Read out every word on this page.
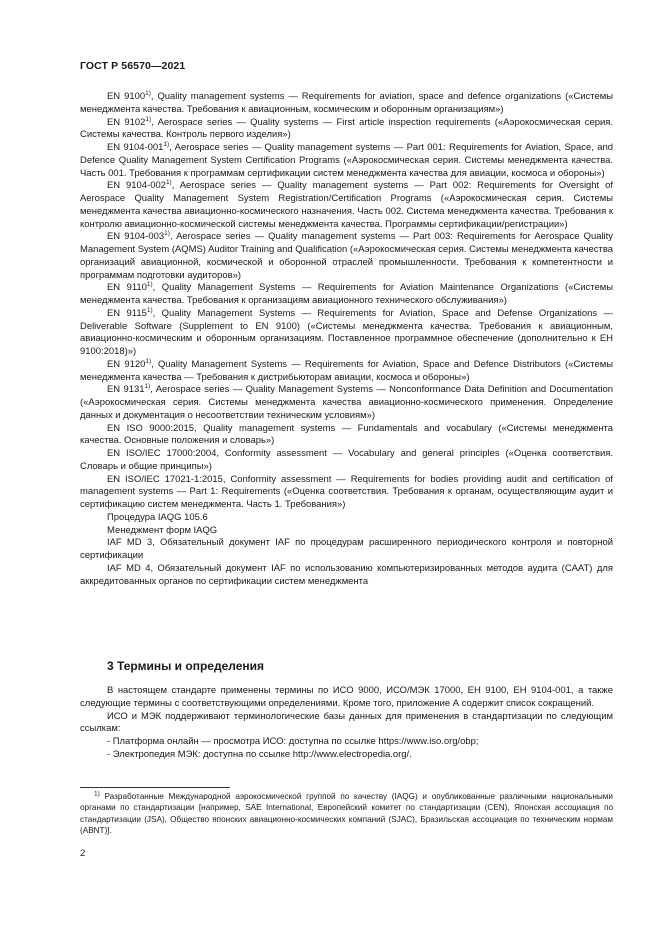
ГОСТ Р 56570—2021

EN 9100$^{1)}$, Quality management systems — Requirements for aviation, space and defence organizations («Системы менеджмента качества. Требования к авиационным, космическим и оборонным организациям»)

EN 9102$^{1)}$, Aerospace series — Quality systems — First article inspection requirements («Аэрокосмическая серия. Системы качества. Контроль первого изделия»)

EN 9104-001$^{1)}$, Aerospace series — Quality management systems — Part 001: Requirements for Aviation, Space, and Defence Quality Management System Certification Programs («Аэрокосмическая серия. Системы менеджмента качества. Часть 001. Требования к программам сертификации систем менеджмента качества для авиации, космоса и обороны»)

EN 9104-002$^{1)}$, Aerospace series — Quality management systems — Part 002: Requirements for Oversight of Aerospace Quality Management System Registration/Certification Programs («Аэрокосмическая серия. Системы менеджмента качества авиационно-космического назначения. Часть 002. Система менеджмента качества. Требования к контролю авиационно-космической системы менеджмента качества. Программы сертификации/регистрации»)

EN 9104-003$^{1)}$, Aerospace series — Quality management systems — Part 003: Requirements for Aerospace Quality Management System (AQMS) Auditor Training and Qualification («Аэрокосмическая серия. Системы менеджмента качества организаций авиационной, космической и оборонной отраслей промышленности. Требования к компетентности и программам подготовки аудиторов»)

EN 9110$^{1)}$, Quality Management Systems — Requirements for Aviation Maintenance Organizations («Системы менеджмента качества. Требования к организациям авиационного технического обслуживания»)

EN 9115$^{1)}$, Quality Management Systems — Requirements for Aviation, Space and Defense Organizations — Deliverable Software (Supplement to EN 9100) («Системы менеджмента качества. Требования к авиационным, авиационно-космическим и оборонным организациям. Поставленное программное обеспечение (дополнительно к ЕН 9100:2018)»)

EN 9120$^{1)}$, Quality Management Systems — Requirements for Aviation, Space and Defence Distributors («Системы менеджмента качества — Требования к дистрибьюторам авиации, космоса и обороны»)

EN 9131$^{1)}$, Aerospace series — Quality Management Systems — Nonconformance Data Definition and Documentation («Аэрокосмическая серия. Системы менеджмента качества авиационно-космического применения. Определение данных и документация о несоответствии техническим условиям»)

EN ISO 9000:2015, Quality management systems — Fundamentals and vocabulary («Системы менеджмента качества. Основные положения и словарь»)

EN ISO/IEC 17000:2004, Conformity assessment — Vocabulary and general principles («Оценка соответствия. Словарь и общие принципы»)

EN ISO/IEC 17021-1:2015, Conformity assessment — Requirements for bodies providing audit and certification of management systems — Part 1: Requirements («Оценка соответствия. Требования к органам, осуществляющим аудит и сертификацию систем менеджмента. Часть 1. Требования»)

Процедура IAQG 105.6

Менеджмент форм IAQG

IAF MD 3, Обязательный документ IAF по процедурам расширенного периодического контроля и повторной сертификации

IAF MD 4, Обязательный документ IAF по использованию компьютеризированных методов аудита (CAAT) для аккредитованных органов по сертификации систем менеджмента

3 Термины и определения

В настоящем стандарте применены термины по ИСО 9000, ИСО/МЭК 17000, ЕН 9100, ЕН 9104-001, а также следующие термины с соответствующими определениями. Кроме того, приложение А содержит список сокращений.

ИСО и МЭК поддерживают терминологические базы данных для применения в стандартизации по следующим ссылкам:

- Платформа онлайн — просмотра ИСО: доступна по ссылке https://www.iso.org/obp;

- Электропедия МЭК: доступна по ссылке http://www.electropedia.org/.

$^{1)}$ Разработанные Международной аэрокосмической группой по качеству (IAQG) и опубликованные различными национальными органами по стандартизации [например, SAE International, Европейский комитет по стандартизации (CEN), Японская ассоциация по стандартизации (JSA), Общество японских авиационно-космических компаний (SJAC), Бразильская ассоциация по техническим нормам (ABNT)].

2
